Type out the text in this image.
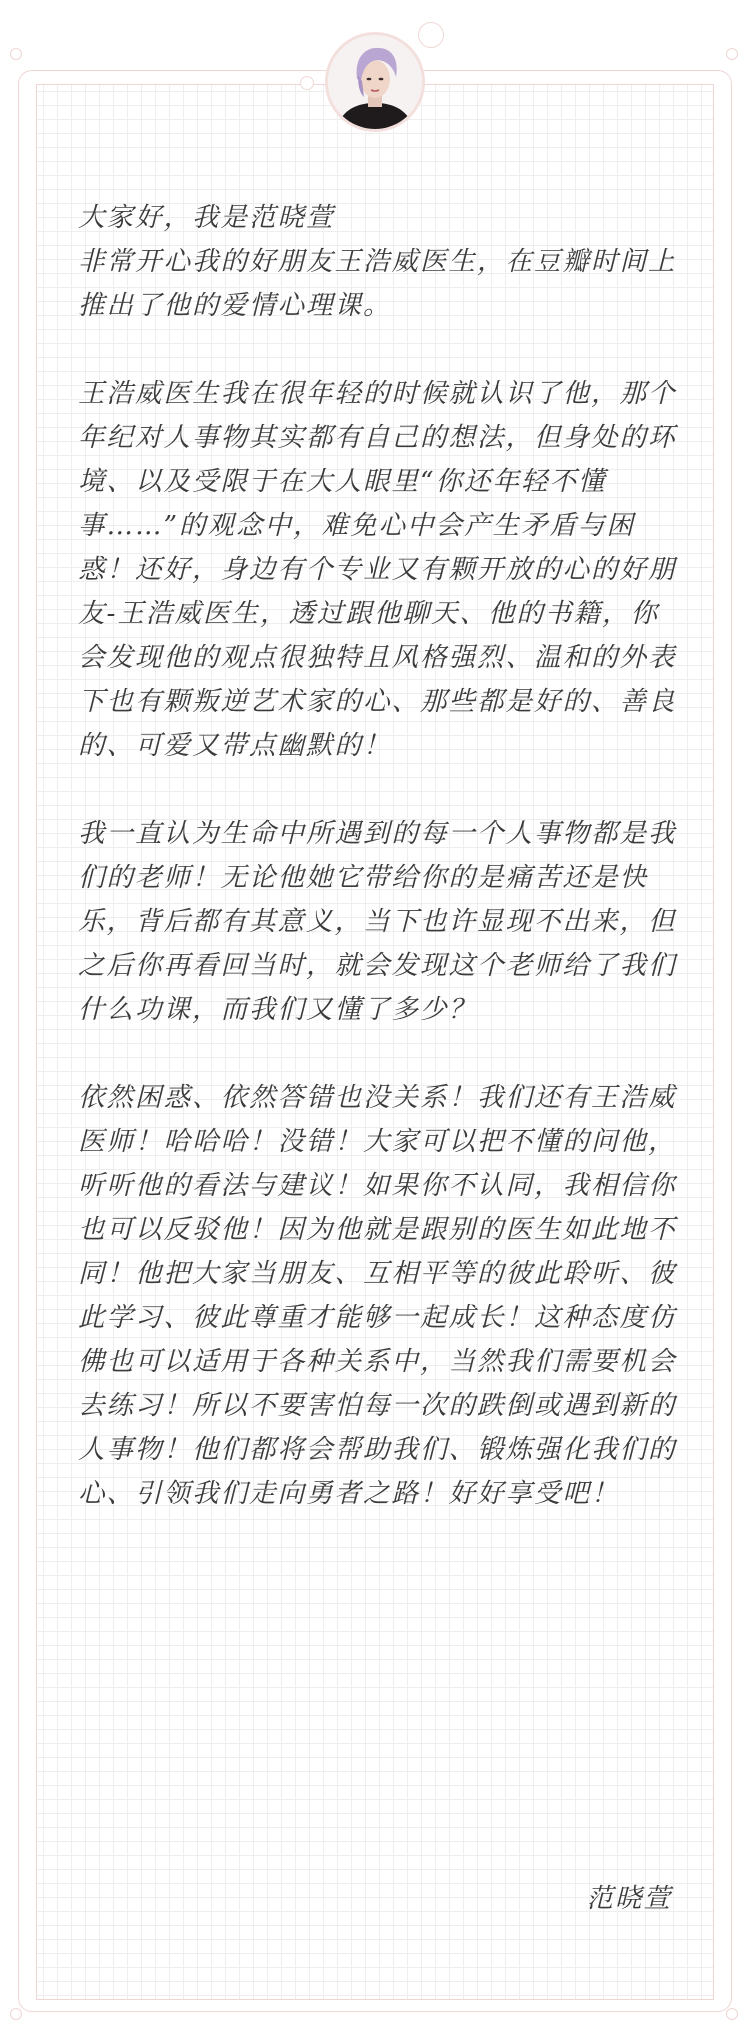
大家好，我是范晓萱

非常开心我的好朋友王浩威医生，在豆瓣时间上推出了他的爱情心理课。

王浩威医生我在很年轻的时候就认识了他，那个年纪对人事物其实都有自己的想法，但身处的环境、以及受限于在大人眼里“你还年轻不懂事……”的观念中，难免心中会产生矛盾与困惑！还好，身边有个专业又有颗开放的心的好朋友-王浩威医生，透过跟他聊天、他的书籍，你会发现他的观点很独特且风格强烈、温和的外表下也有颗叛逆艺术家的心、那些都是好的、善良的、可爱又带点幽默的！

我一直认为生命中所遇到的每一个人事物都是我们的老师！无论他她它带给你的是痛苦还是快乐，背后都有其意义，当下也许显现不出来，但之后你再看回当时，就会发现这个老师给了我们什么功课，而我们又懂了多少？

依然困惑、依然答错也没关系！我们还有王浩威医师！哈哈哈！没错！大家可以把不懂的问他，听听他的看法与建议！如果你不认同，我相信你也可以反驳他！因为他就是跟别的医生如此地不同！他把大家当朋友、互相平等的彼此聆听、彼此学习、彼此尊重才能够一起成长！这种态度仿佛也可以适用于各种关系中，当然我们需要机会去练习！所以不要害怕每一次的跌倒或遇到新的人事物！他们都将会帮助我们、锻炼强化我们的心、引领我们走向勇者之路！好好享受吧！

范晓萱
